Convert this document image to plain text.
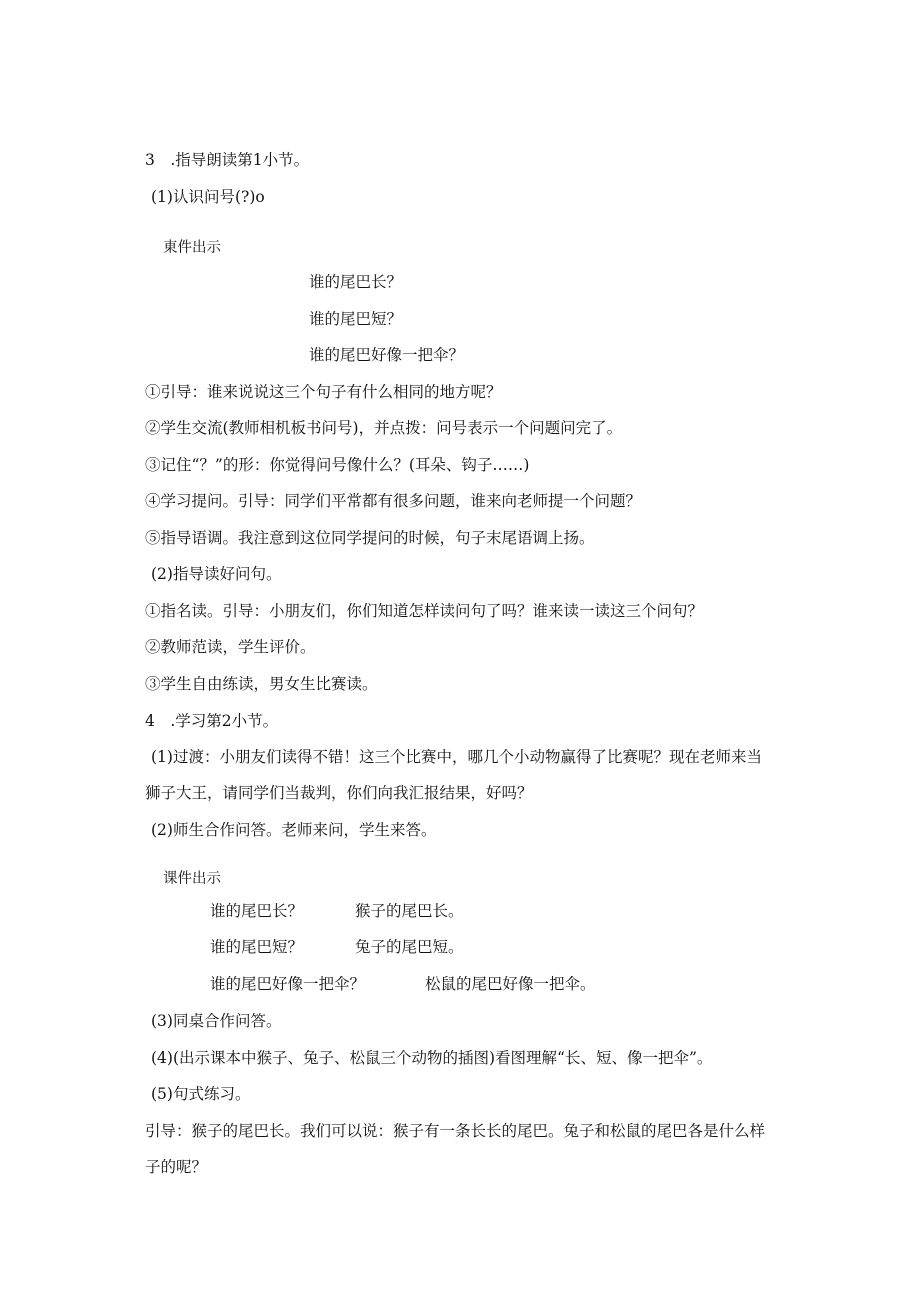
3　.指导朗读第1小节。
(1)认识问号(?)o
東件出示
谁的尾巴长？
谁的尾巴短？
谁的尾巴好像一把伞？
①引导：谁来说说这三个句子有什么相同的地方呢？
②学生交流(教师相机板书问号)，并点拨：问号表示一个问题问完了。
③记住“？”的形：你觉得问号像什么？(耳朵、钩子……)
④学习提问。引导：同学们平常都有很多问题，谁来向老师提一个问题？
⑤指导语调。我注意到这位同学提问的时候，句子末尾语调上扬。
(2)指导读好问句。
①指名读。引导：小朋友们，你们知道怎样读问句了吗？谁来读一读这三个问句？
②教师范读，学生评价。
③学生自由练读，男女生比赛读。
4　.学习第2小节。
(1)过渡：小朋友们读得不错！这三个比赛中，哪几个小动物赢得了比赛呢？现在老师来当
狮子大王，请同学们当裁判，你们向我汇报结果，好吗？
(2)师生合作问答。老师来问，学生来答。
课件出示
谁的尾巴长？	猴子的尾巴长。
谁的尾巴短？	兔子的尾巴短。
谁的尾巴好像一把伞？	松鼠的尾巴好像一把伞。
(3)同桌合作问答。
(4)(出示课本中猴子、兔子、松鼠三个动物的插图)看图理解“长、短、像一把伞”。
(5)句式练习。
引导：猴子的尾巴长。我们可以说：猴子有一条长长的尾巴。兔子和松鼠的尾巴各是什么样
子的呢？
